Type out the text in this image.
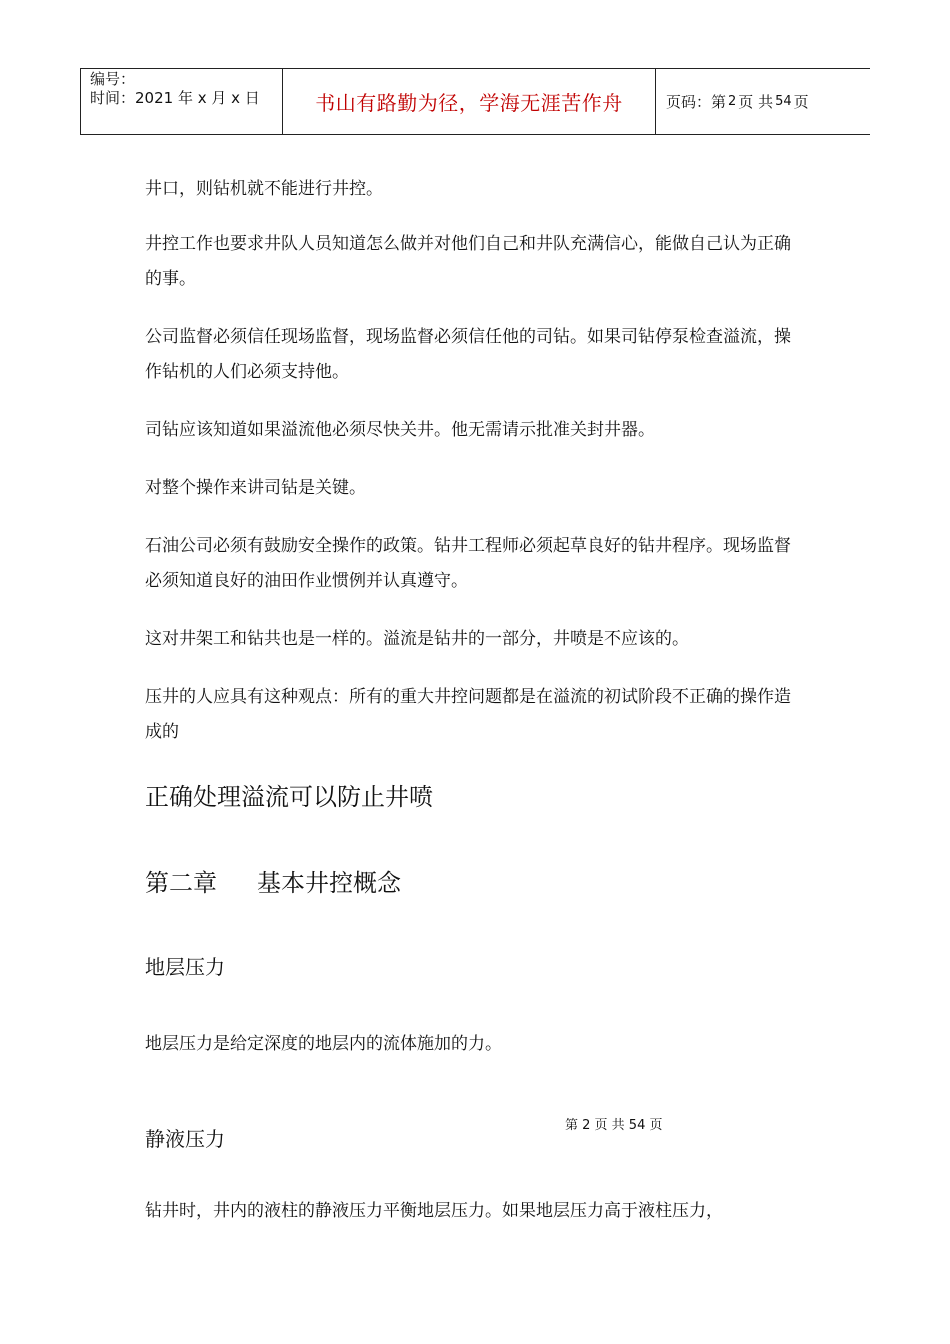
编号：
时间：2021 年 x 月 x 日	书山有路勤为径，学海无涯苦作舟	页码：第 2 页 共 54 页

井口，则钻机就不能进行井控。

井控工作也要求井队人员知道怎么做并对他们自己和井队充满信心，能做自己认为正确的事。

公司监督必须信任现场监督，现场监督必须信任他的司钻。如果司钻停泵检查溢流，操作钻机的人们必须支持他。

司钻应该知道如果溢流他必须尽快关井。他无需请示批准关封井器。

对整个操作来讲司钻是关键。

石油公司必须有鼓励安全操作的政策。钻井工程师必须起草良好的钻井程序。现场监督必须知道良好的油田作业惯例并认真遵守。

这对井架工和钻共也是一样的。溢流是钻井的一部分，井喷是不应该的。

压井的人应具有这种观点：所有的重大井控问题都是在溢流的初试阶段不正确的操作造成的

正确处理溢流可以防止井喷
第二章 基本井控概念
地层压力

地层压力是给定深度的地层内的流体施加的力。

第 2 页 共 54 页
静液压力
钻井时，井内的液柱的静液压力平衡地层压力。如果地层压力高于液柱压力，
